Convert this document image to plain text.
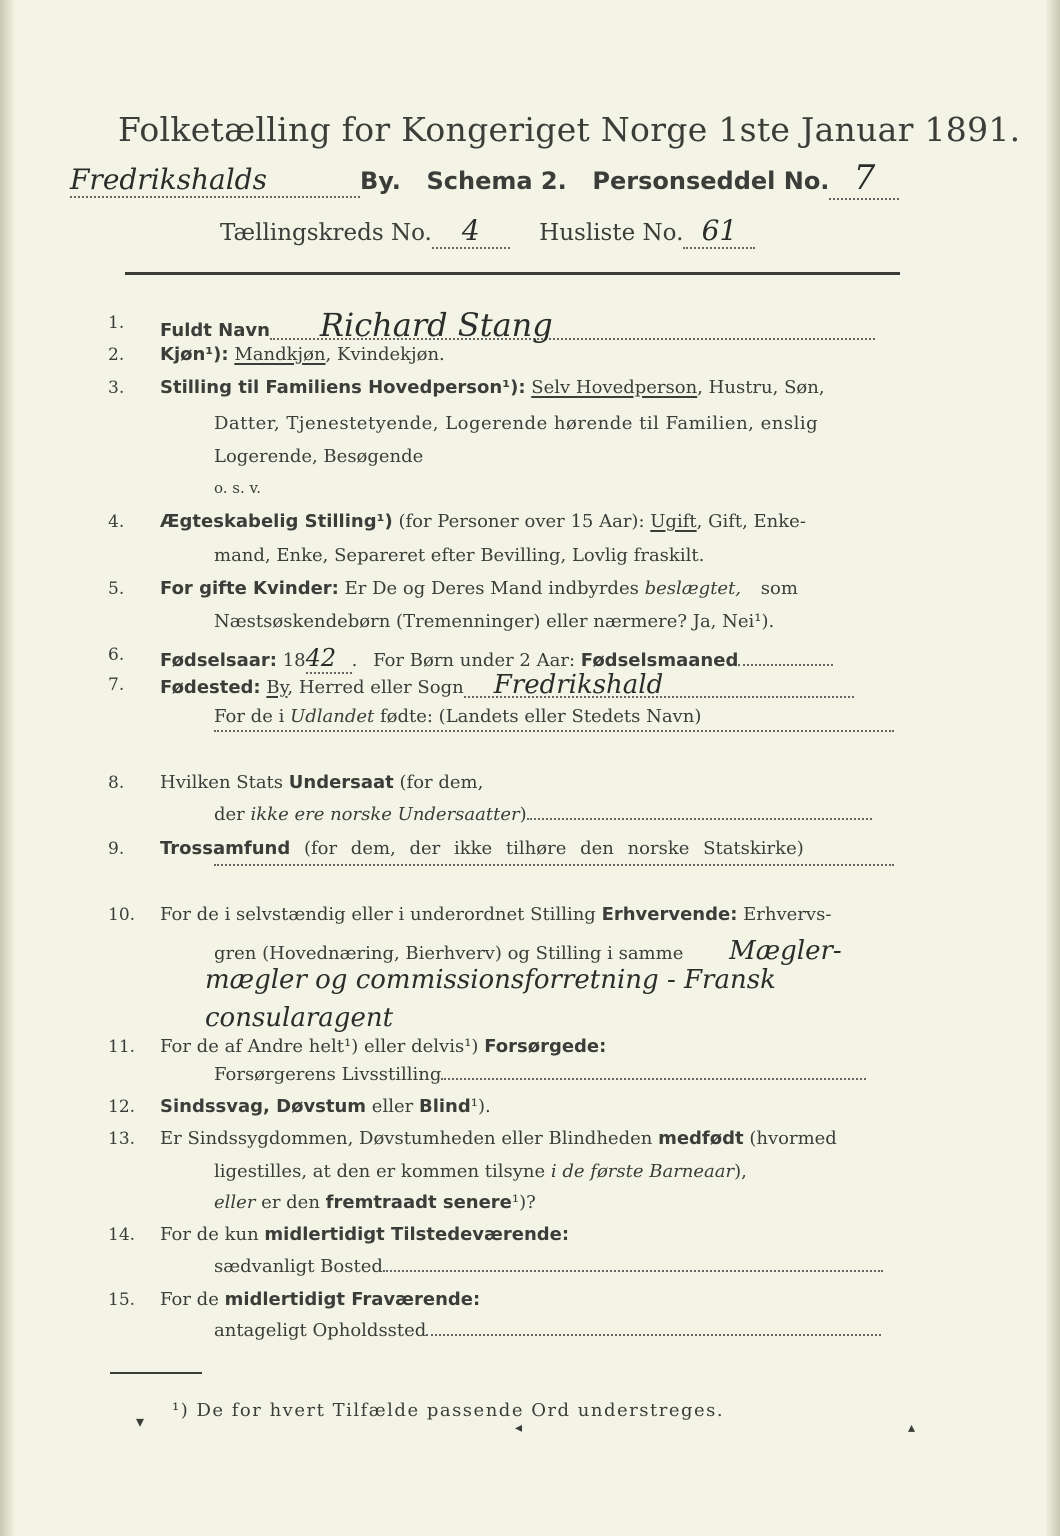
Folketælling for Kongeriget Norge 1ste Januar 1891.
Fredrikshalds	By. Schema 2. Personseddel No. 7
Tællingskreds No. 4	Husliste No. 61
1. Fuldt Navn Richard Stang
2. Kjøn¹): Mandkjøn, Kvindekjøn.
3. Stilling til Familiens Hovedperson¹): Selv Hovedperson, Hustru, Søn,
Datter, Tjenestetyende, Logerende hørende til Familien, enslig
Logerende, Besøgende
o. s. v.
4. Ægteskabelig Stilling¹) (for Personer over 15 Aar): Ugift, Gift, Enke-
mand, Enke, Separeret efter Bevilling, Lovlig fraskilt.
5. For gifte Kvinder: Er De og Deres Mand indbyrdes beslægtet, som
Næstsøskendebørn (Tremenninger) eller nærmere? Ja, Nei¹).
6. Fødselsaar: 1842 . For Børn under 2 Aar: Fødselsmaaned
7. Fødested: By, Herred eller Sogn Fredrikshald
For de i Udlandet fødte: (Landets eller Stedets Navn)
8. Hvilken Stats Undersaat (for dem,
der ikke ere norske Undersaatter)
9. Trossamfund (for dem, der ikke tilhøre den norske Statskirke)
10. For de i selvstændig eller i underordnet Stilling Erhvervende: Erhvervs-
gren (Hovednæring, Bierhverv) og Stilling i samme Mægler-
mægler og commissionsforretning - Fransk
consularagent
11. For de af Andre helt¹) eller delvis¹) Forsørgede:
Forsørgerens Livsstilling
12. Sindssvag, Døvstum eller Blind¹).
13. Er Sindssygdommen, Døvstumheden eller Blindheden medfødt (hvormed
ligestilles, at den er kommen tilsyne i de første Barneaar),
eller er den fremtraadt senere¹)?
14. For de kun midlertidigt Tilstedeværende:
sædvanligt Bosted
15. For de midlertidigt Fraværende:
antageligt Opholdssted
¹) De for hvert Tilfælde passende Ord understreges.
▾	◂	▴
